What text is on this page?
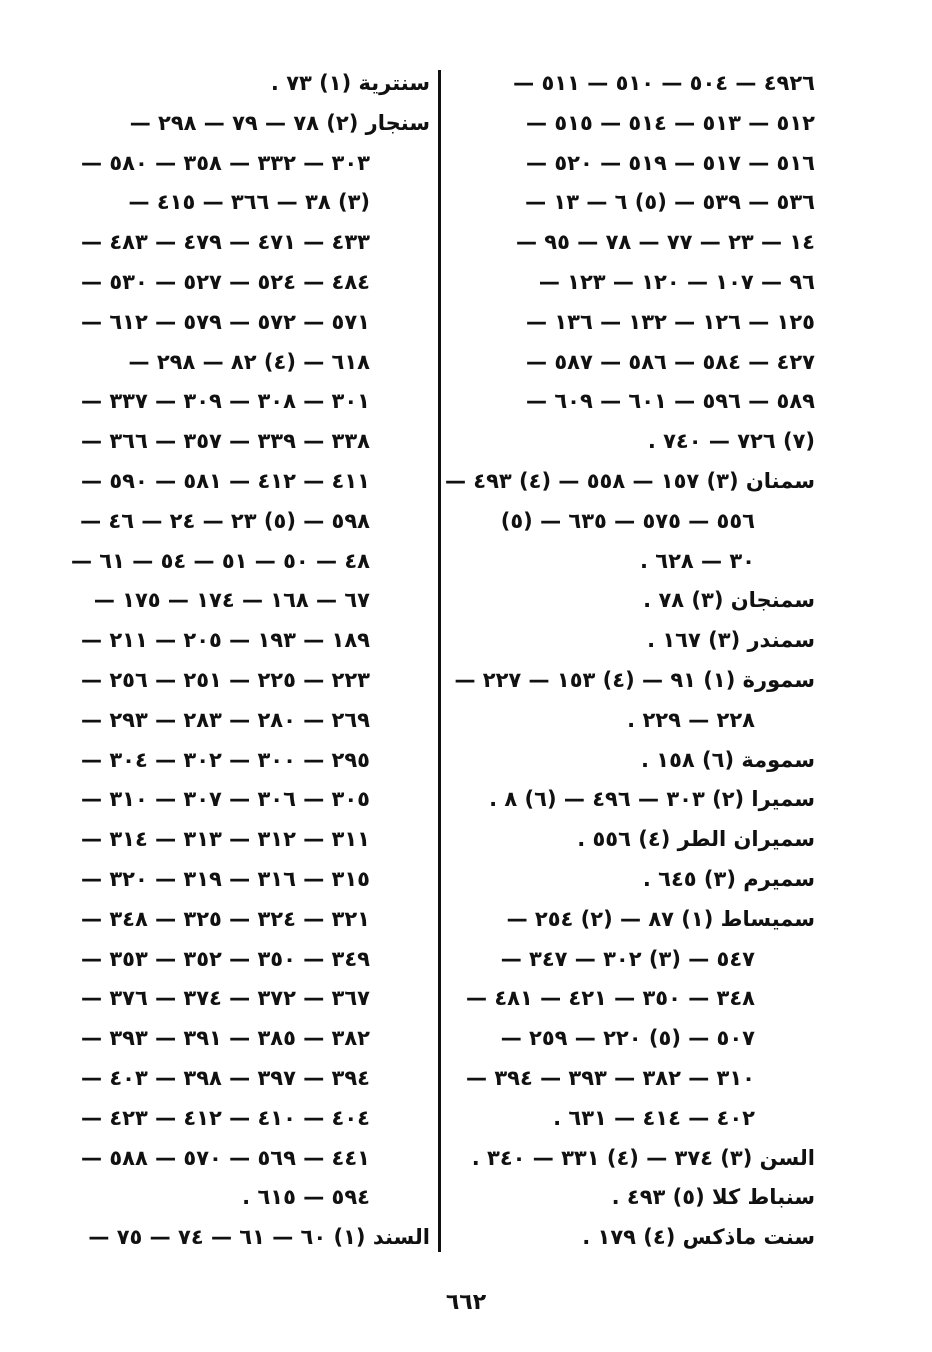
٤٩٢٦ — ٥٠٤ — ٥١٠ — ٥١١ —
٥١٢ — ٥١٣ — ٥١٤ — ٥١٥ —
٥١٦ — ٥١٧ — ٥١٩ — ٥٢٠ —
٥٣٦ — ٥٣٩ — (٥) ٦ — ١٣ —
١٤ — ٢٣ — ٧٧ — ٧٨ — ٩٥ —
٩٦ — ١٠٧ — ١٢٠ — ١٢٣ —
١٢٥ — ١٢٦ — ١٣٢ — ١٣٦ —
٤٢٧ — ٥٨٤ — ٥٨٦ — ٥٨٧ —
٥٨٩ — ٥٩٦ — ٦٠١ — ٦٠٩ —
(٧) ٧٢٦ — ٧٤٠ .
سمنان (٣) ١٥٧ — ٥٥٨ — (٤) ٤٩٣ —
٥٥٦ — ٥٧٥ — ٦٣٥ — (٥)
٣٠ — ٦٢٨ .
سمنجان (٣) ٧٨ .
سمندر (٣) ١٦٧ .
سمورة (١) ٩١ — (٤) ١٥٣ — ٢٢٧ —
٢٢٨ — ٢٢٩ .
سمومة (٦) ١٥٨ .
سميرا (٢) ٣٠٣ — ٤٩٦ — (٦) ٨ .
سميران الطر (٤) ٥٥٦ .
سميرم (٣) ٦٤٥ .
سميساط (١) ٨٧ — (٢) ٢٥٤ —
٥٤٧ — (٣) ٣٠٢ — ٣٤٧ —
٣٤٨ — ٣٥٠ — ٤٢١ — ٤٨١ —
٥٠٧ — (٥) ٢٢٠ — ٢٥٩ —
٣١٠ — ٣٨٢ — ٣٩٣ — ٣٩٤ —
٤٠٢ — ٤١٤ — ٦٣١ .
السن (٣) ٣٧٤ — (٤) ٣٣١ — ٣٤٠ .
سنباط كلا (٥) ٤٩٣ .
سنت ماذكس (٤) ١٧٩ .
سنترية (١) ٧٣ .
سنجار (٢) ٧٨ — ٧٩ — ٢٩٨ —
٣٠٣ — ٣٣٢ — ٣٥٨ — ٥٨٠ —
(٣) ٣٨ — ٣٦٦ — ٤١٥ —
٤٣٣ — ٤٧١ — ٤٧٩ — ٤٨٣ —
٤٨٤ — ٥٢٤ — ٥٢٧ — ٥٣٠ —
٥٧١ — ٥٧٢ — ٥٧٩ — ٦١٢ —
٦١٨ — (٤) ٨٢ — ٢٩٨ —
٣٠١ — ٣٠٨ — ٣٠٩ — ٣٣٧ —
٣٣٨ — ٣٣٩ — ٣٥٧ — ٣٦٦ —
٤١١ — ٤١٢ — ٥٨١ — ٥٩٠ —
٥٩٨ — (٥) ٢٣ — ٢٤ — ٤٦ —
٤٨ — ٥٠ — ٥١ — ٥٤ — ٦١ —
٦٧ — ١٦٨ — ١٧٤ — ١٧٥ —
١٨٩ — ١٩٣ — ٢٠٥ — ٢١١ —
٢٢٣ — ٢٢٥ — ٢٥١ — ٢٥٦ —
٢٦٩ — ٢٨٠ — ٢٨٣ — ٢٩٣ —
٢٩٥ — ٣٠٠ — ٣٠٢ — ٣٠٤ —
٣٠٥ — ٣٠٦ — ٣٠٧ — ٣١٠ —
٣١١ — ٣١٢ — ٣١٣ — ٣١٤ —
٣١٥ — ٣١٦ — ٣١٩ — ٣٢٠ —
٣٢١ — ٣٢٤ — ٣٢٥ — ٣٤٨ —
٣٤٩ — ٣٥٠ — ٣٥٢ — ٣٥٣ —
٣٦٧ — ٣٧٢ — ٣٧٤ — ٣٧٦ —
٣٨٢ — ٣٨٥ — ٣٩١ — ٣٩٣ —
٣٩٤ — ٣٩٧ — ٣٩٨ — ٤٠٣ —
٤٠٤ — ٤١٠ — ٤١٢ — ٤٢٣ —
٤٤١ — ٥٦٩ — ٥٧٠ — ٥٨٨ —
٥٩٤ — ٦١٥ .
السند (١) ٦٠ — ٦١ — ٧٤ — ٧٥ —
٦٦٢
